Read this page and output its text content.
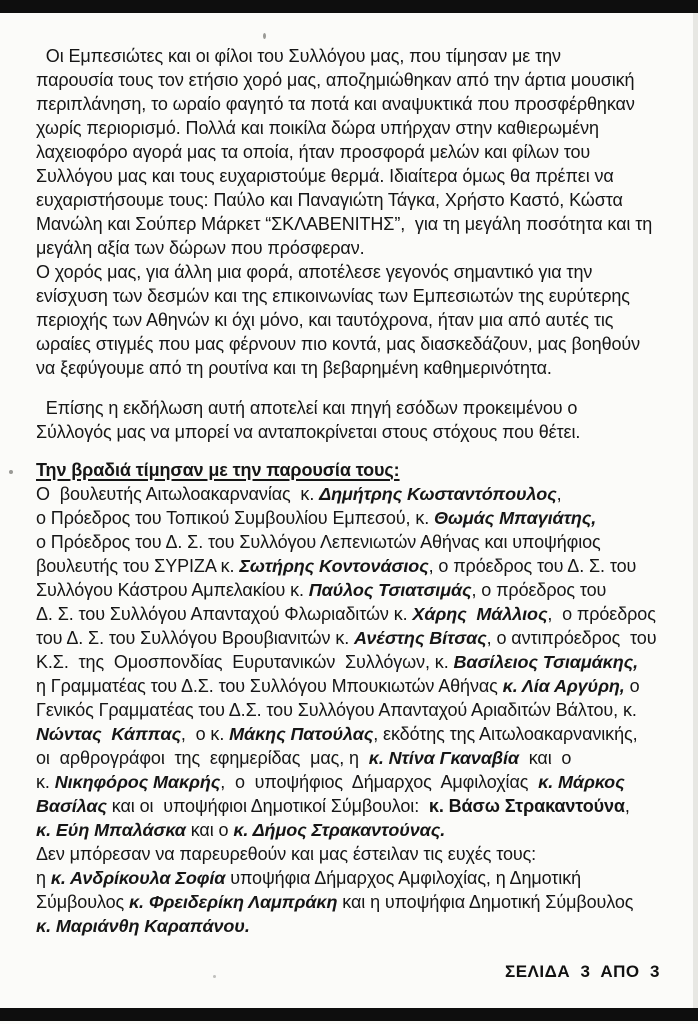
Οι Εμπεσιώτες και οι φίλοι του Συλλόγου μας, που τίμησαν με την
παρουσία τους τον ετήσιο χορό μας, αποζημιώθηκαν από την άρτια μουσική
περιπλάνηση, το ωραίο φαγητό τα ποτά και αναψυκτικά που προσφέρθηκαν
χωρίς περιορισμό. Πολλά και ποικίλα δώρα υπήρχαν στην καθιερωμένη
λαχειοφόρο αγορά μας τα οποία, ήταν προσφορά μελών και φίλων του
Συλλόγου μας και τους ευχαριστούμε θερμά. Ιδιαίτερα όμως θα πρέπει να
ευχαριστήσουμε τους: Παύλο και Παναγιώτη Τάγκα, Χρήστο Καστό, Κώστα
Μανώλη και Σούπερ Μάρκετ “ΣΚΛΑΒΕΝΙΤΗΣ”,  για τη μεγάλη ποσότητα και τη
μεγάλη αξία των δώρων που πρόσφεραν.
Ο χορός μας, για άλλη μια φορά, αποτέλεσε γεγονός σημαντικό για την
ενίσχυση των δεσμών και της επικοινωνίας των Εμπεσιωτών της ευρύτερης
περιοχής των Αθηνών κι όχι μόνο, και ταυτόχρονα, ήταν μια από αυτές τις
ωραίες στιγμές που μας φέρνουν πιο κοντά, μας διασκεδάζουν, μας βοηθούν
να ξεφύγουμε από τη ρουτίνα και τη βεβαρημένη καθημερινότητα.
Επίσης η εκδήλωση αυτή αποτελεί και πηγή εσόδων προκειμένου ο
Σύλλογός μας να μπορεί να ανταποκρίνεται στους στόχους που θέτει.
Την βραδιά τίμησαν με την παρουσία τους:
Ο  βουλευτής Αιτωλοακαρνανίας  κ. Δημήτρης Κωσταντόπουλος,
ο Πρόεδρος του Τοπικού Συμβουλίου Εμπεσού, κ. Θωμάς Μπαγιάτης,
ο Πρόεδρος του Δ. Σ. του Συλλόγου Λεπενιωτών Αθήνας και υποψήφιος
βουλευτής του ΣΥΡΙΖΑ κ. Σωτήρης Κοντονάσιος, ο πρόεδρος του Δ. Σ. του
Συλλόγου Κάστρου Αμπελακίου κ. Παύλος Τσιατσιμάς, ο πρόεδρος του
Δ. Σ. του Συλλόγου Απανταχού Φλωριαδιτών κ. Χάρης  Μάλλιος,  ο πρόεδρος
του Δ. Σ. του Συλλόγου Βρουβιανιτών κ. Ανέστης Βίτσας, ο αντιπρόεδρος  του
Κ.Σ.  της  Ομοσπονδίας  Ευρυτανικών  Συλλόγων, κ. Βασίλειος Τσιαμάκης,
η Γραμματέας του Δ.Σ. του Συλλόγου Μπουκιωτών Αθήνας κ. Λία Αργύρη, ο
Γενικός Γραμματέας του Δ.Σ. του Συλλόγου Απανταχού Αριαδιτών Βάλτου, κ.
Νώντας  Κάππας,  ο κ. Μάκης Πατούλας, εκδότης της Αιτωλοακαρνανικής,
οι  αρθρογράφοι  της  εφημερίδας  μας, η  κ. Ντίνα Γκαναβία  και  ο
κ. Νικηφόρος Μακρής,  ο  υποψήφιος  Δήμαρχος  Αμφιλοχίας  κ. Μάρκος
Βασίλας και οι  υποψήφιοι Δημοτικοί Σύμβουλοι:  κ. Βάσω Στρακαντούνα,
κ. Εύη Μπαλάσκα και ο κ. Δήμος Στρακαντούνας.
Δεν μπόρεσαν να παρευρεθούν και μας έστειλαν τις ευχές τους:
η κ. Ανδρίκουλα Σοφία υποψήφια Δήμαρχος Αμφιλοχίας, η Δημοτική
Σύμβουλος κ. Φρειδερίκη Λαμπράκη και η υποψήφια Δημοτική Σύμβουλος
κ. Μαριάνθη Καραπάνου.

ΣΕΛΙΔΑ  3  ΑΠΟ  3
